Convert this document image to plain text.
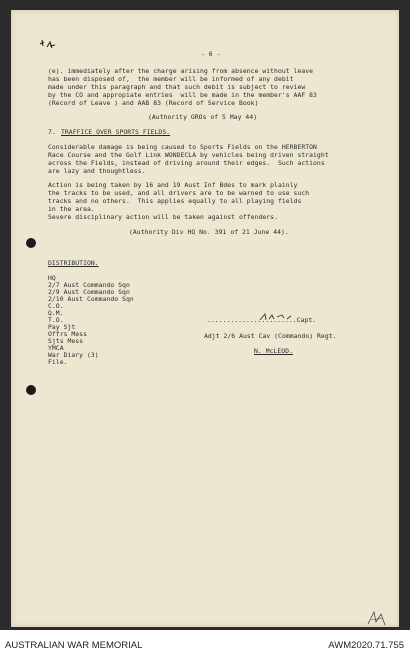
- 6 -
(e). immediately after the charge arising from absence without leave
has been disposed of,  the member will be informed of any debit
made under this paragraph and that such debit is subject to review
by the CO and appropiate entries  will be made in the member's AAF 83
(Record of Leave ) and AAB 83 (Record of Service Book)
(Authority GROs of 5 May 44)
7. TRAFFICE OVER SPORTS FIELDS.
Considerable damage is being caused to Sports Fields on the HERBERTON
Race Course and the Golf Link WONDECLA by vehicles being driven straight
across the Fields, instead of driving around their edges.  Such actions
are lazy and thoughtless.
Action is being taken by 16 and 19 Aust Inf Bdes to mark plainly
the tracks to be used, and all drivers are to be warned to use such
tracks and no others.  This applies equally to all playing fields
in the area.
Severe disciplinary action will be taken against offenders.
(Authority Div HQ No. 391 of 21 June 44).
DISTRIBUTION.
HQ
2/7 Aust Commando Sqn
2/9 Aust Commando Sqn
2/10 Aust Commando Sqn
C.O.
Q.M.
T.O.
Pay Sjt
Offrs Mess
Sjts Mess
YMCA
War Diary (3)
File.
.......................Capt.
Adjt 2/6 Aust Cav (Commando) Regt.
N. McLEOD.
AUSTRALIAN WAR MEMORIAL	AWM2020.71.755
